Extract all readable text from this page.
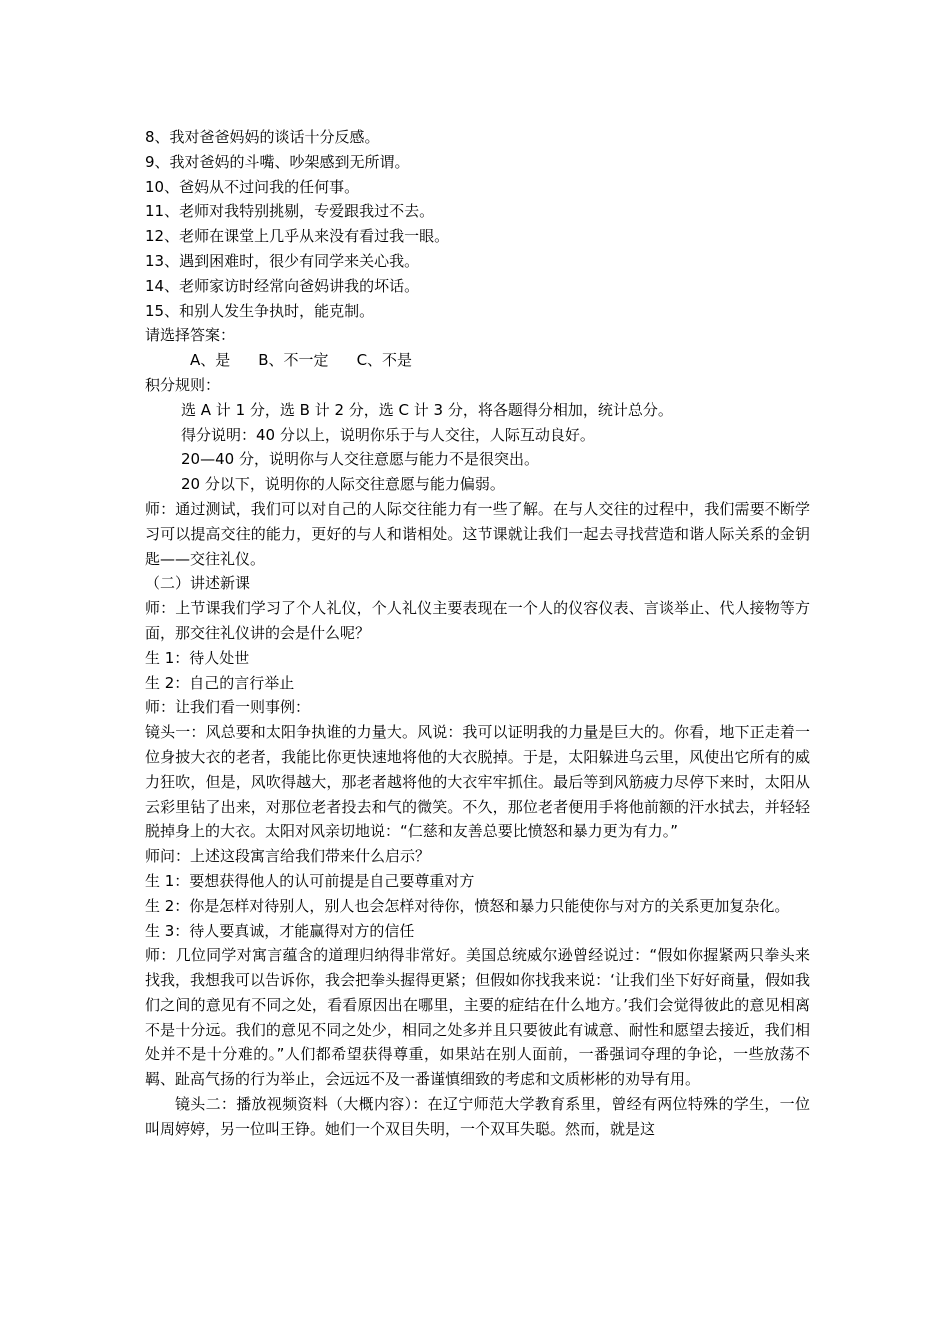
8、我对爸爸妈妈的谈话十分反感。
9、我对爸妈的斗嘴、吵架感到无所谓。
10、爸妈从不过问我的任何事。
11、老师对我特别挑剔，专爱跟我过不去。
12、老师在课堂上几乎从来没有看过我一眼。
13、遇到困难时，很少有同学来关心我。
14、老师家访时经常向爸妈讲我的坏话。
15、和别人发生争执时，能克制。
请选择答案：
A、是 B、不一定 C、不是
积分规则：
选 A 计 1 分，选 B 计 2 分，选 C 计 3 分，将各题得分相加，统计总分。
得分说明：40 分以上，说明你乐于与人交往，人际互动良好。
20—40 分，说明你与人交往意愿与能力不是很突出。
20 分以下，说明你的人际交往意愿与能力偏弱。
师：通过测试，我们可以对自己的人际交往能力有一些了解。在与人交往的过程中，我们需要不断学习可以提高交往的能力，更好的与人和谐相处。这节课就让我们一起去寻找营造和谐人际关系的金钥匙——交往礼仪。
（二）讲述新课
师：上节课我们学习了个人礼仪，个人礼仪主要表现在一个人的仪容仪表、言谈举止、代人接物等方面，那交往礼仪讲的会是什么呢？
生 1：待人处世
生 2：自己的言行举止
师：让我们看一则事例：
镜头一：风总要和太阳争执谁的力量大。风说：我可以证明我的力量是巨大的。你看，地下正走着一位身披大衣的老者，我能比你更快速地将他的大衣脱掉。于是，太阳躲进乌云里，风使出它所有的威力狂吹，但是，风吹得越大，那老者越将他的大衣牢牢抓住。最后等到风筋疲力尽停下来时，太阳从云彩里钻了出来，对那位老者投去和气的微笑。不久，那位老者便用手将他前额的汗水拭去，并轻轻脱掉身上的大衣。太阳对风亲切地说：“仁慈和友善总要比愤怒和暴力更为有力。”
师问：上述这段寓言给我们带来什么启示？
生 1：要想获得他人的认可前提是自己要尊重对方
生 2：你是怎样对待别人，别人也会怎样对待你，愤怒和暴力只能使你与对方的关系更加复杂化。
生 3：待人要真诚，才能赢得对方的信任
师：几位同学对寓言蕴含的道理归纳得非常好。美国总统威尔逊曾经说过：“假如你握紧两只拳头来找我，我想我可以告诉你，我会把拳头握得更紧；但假如你找我来说：‘让我们坐下好好商量，假如我们之间的意见有不同之处，看看原因出在哪里，主要的症结在什么地方。’我们会觉得彼此的意见相离不是十分远。我们的意见不同之处少，相同之处多并且只要彼此有诚意、耐性和愿望去接近，我们相处并不是十分难的。”人们都希望获得尊重，如果站在别人面前，一番强词夺理的争论，一些放荡不羁、趾高气扬的行为举止，会远远不及一番谨慎细致的考虑和文质彬彬的劝导有用。
镜头二：播放视频资料（大概内容）：在辽宁师范大学教育系里，曾经有两位特殊的学生，一位叫周婷婷，另一位叫王铮。她们一个双目失明，一个双耳失聪。然而，就是这
